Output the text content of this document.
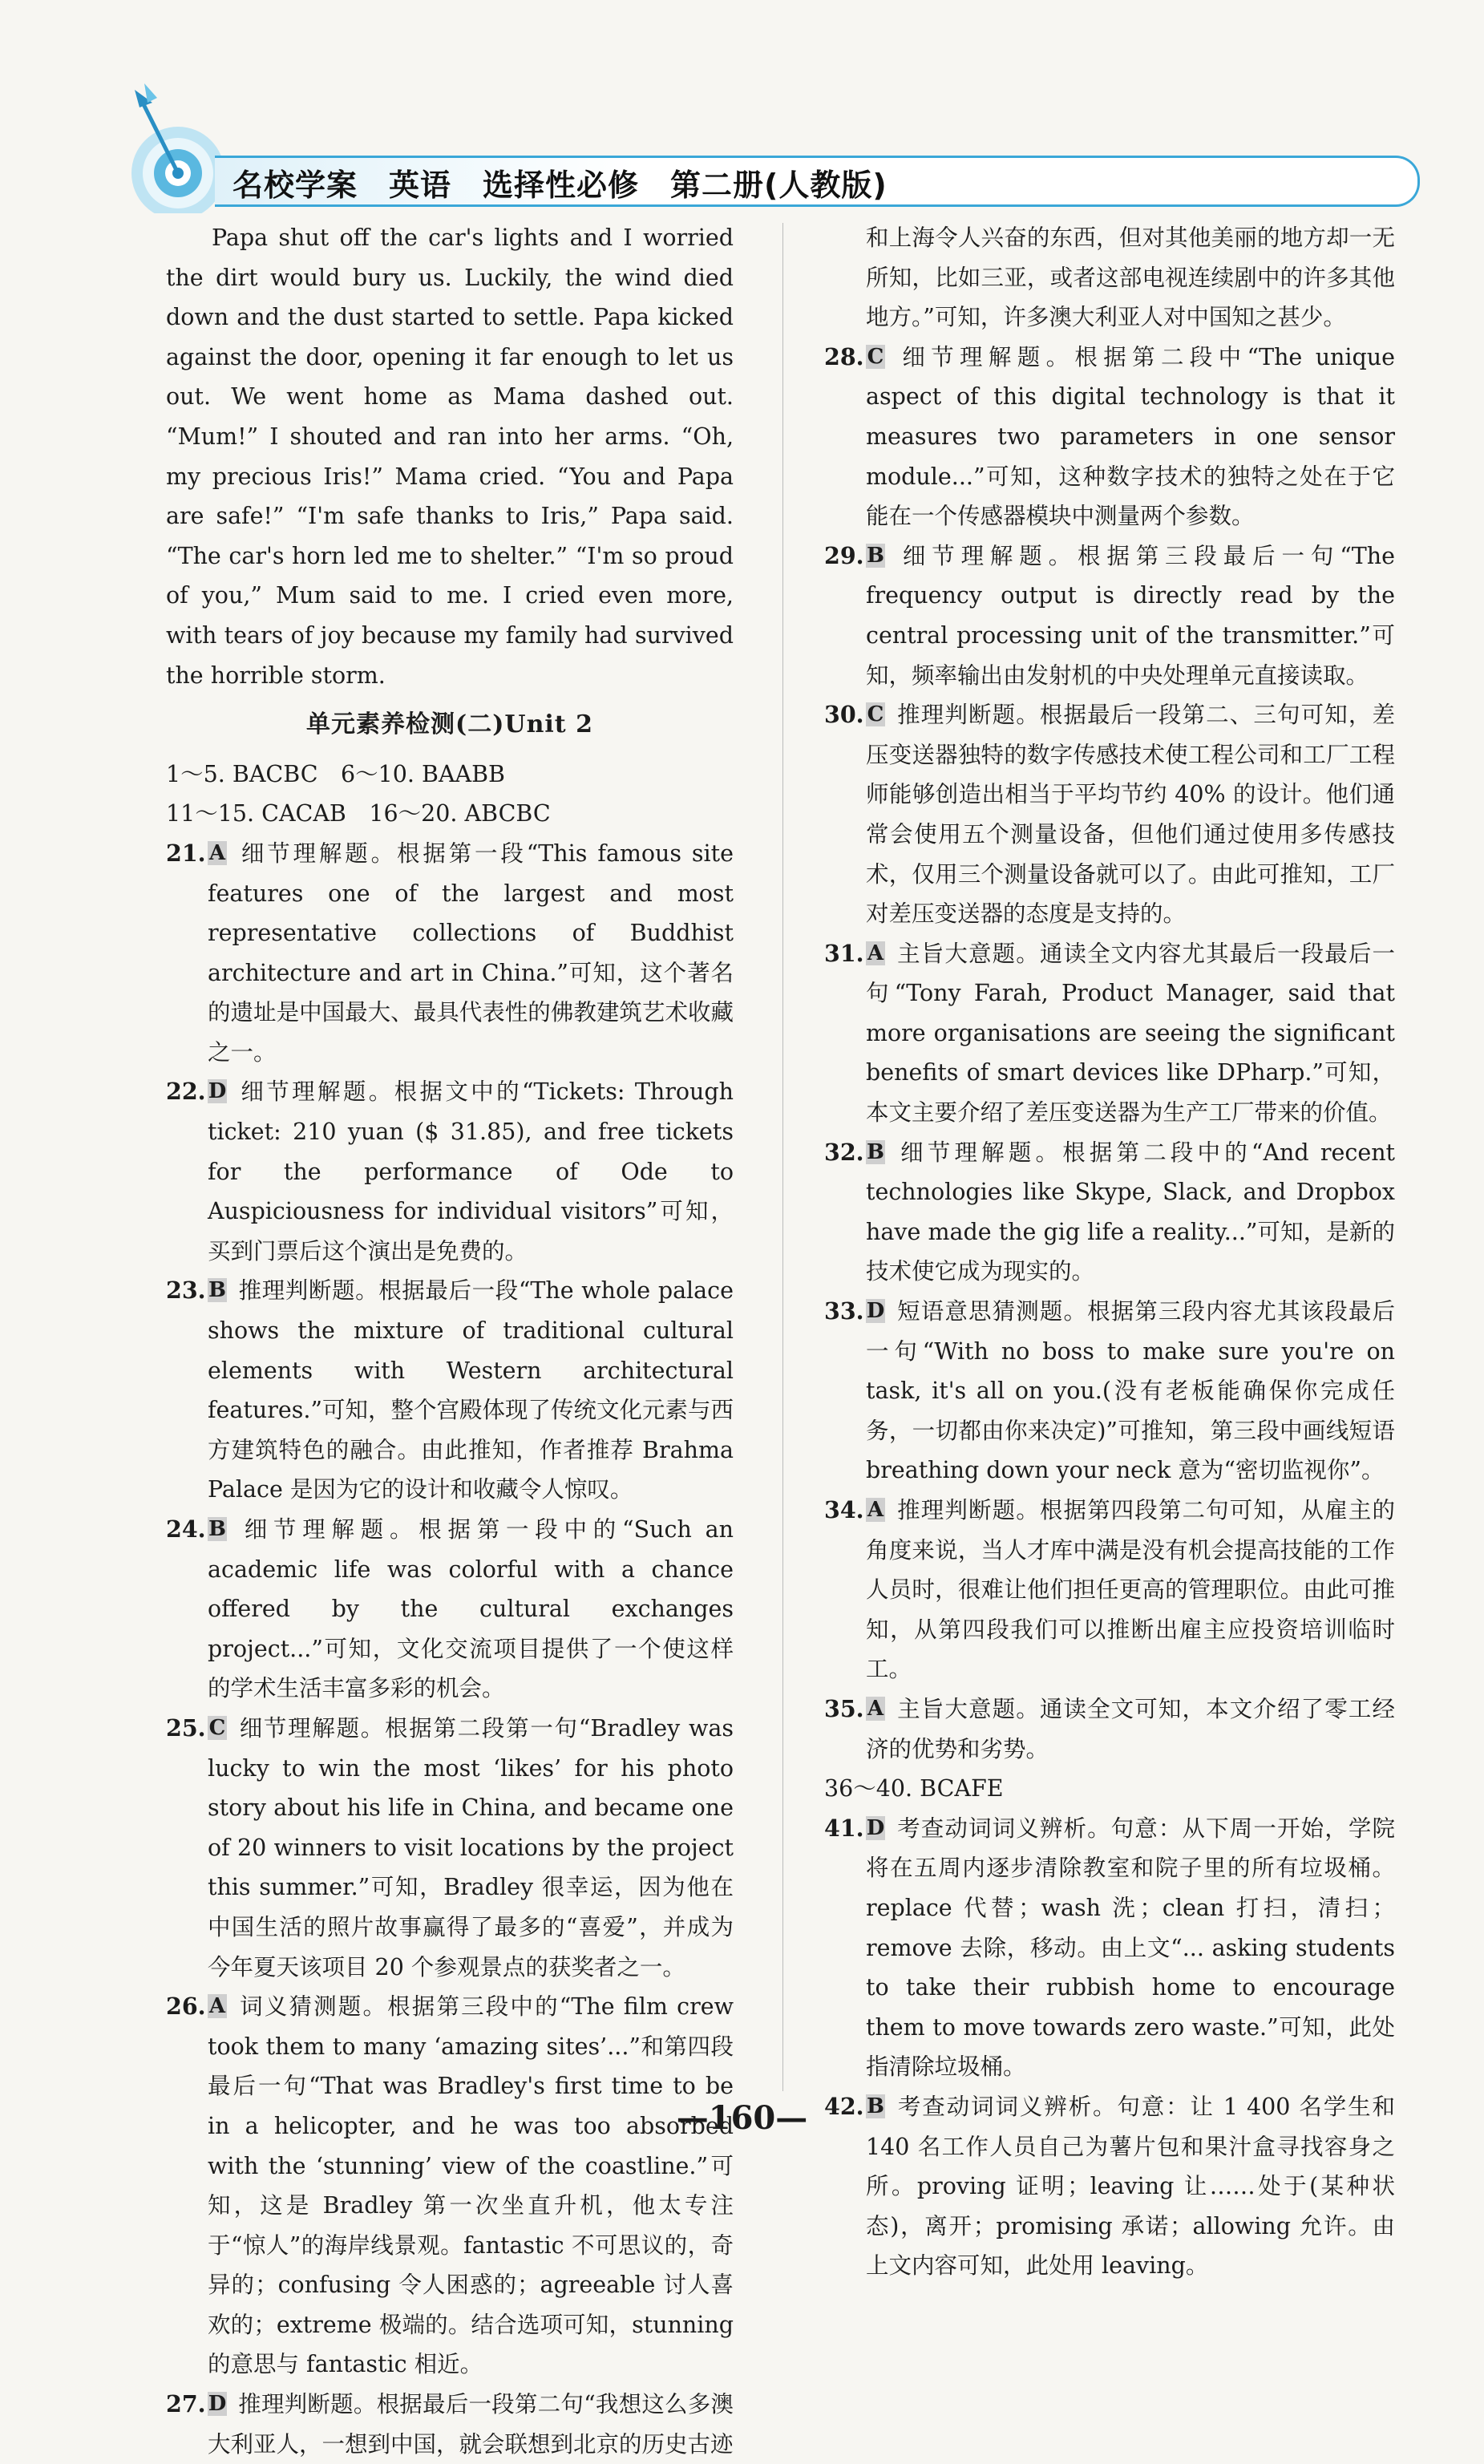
名校学案　英语　选择性必修　第二册(人教版)

Papa shut off the car's lights and I worried the dirt would bury us. Luckily, the wind died down and the dust started to settle. Papa kicked against the door, opening it far enough to let us out. We went home as Mama dashed out. “Mum!” I shouted and ran into her arms. “Oh, my precious Iris!” Mama cried. “You and Papa are safe!” “I'm safe thanks to Iris,” Papa said. “The car's horn led me to shelter.” “I'm so proud of you,” Mum said to me. I cried even more, with tears of joy because my family had survived the horrible storm.

单元素养检测(二)Unit 2

1～5. BACBC　6～10. BAABB

11～15. CACAB　16～20. ABCBC

21. A 细节理解题。根据第一段“This famous site features one of the largest and most representative collections of Buddhist architecture and art in China.”可知，这个著名的遗址是中国最大、最具代表性的佛教建筑艺术收藏之一。
22. D 细节理解题。根据文中的“Tickets: Through ticket: 210 yuan ($ 31.85), and free tickets for the performance of Ode to Auspiciousness for individual visitors”可知，买到门票后这个演出是免费的。
23. B 推理判断题。根据最后一段“The whole palace shows the mixture of traditional cultural elements with Western architectural features.”可知，整个宫殿体现了传统文化元素与西方建筑特色的融合。由此推知，作者推荐 Brahma Palace 是因为它的设计和收藏令人惊叹。
24. B 细节理解题。根据第一段中的“Such an academic life was colorful with a chance offered by the cultural exchanges project...”可知，文化交流项目提供了一个使这样的学术生活丰富多彩的机会。
25. C 细节理解题。根据第二段第一句“Bradley was lucky to win the most ‘likes’ for his photo story about his life in China, and became one of 20 winners to visit locations by the project this summer.”可知，Bradley 很幸运，因为他在中国生活的照片故事赢得了最多的“喜爱”，并成为今年夏天该项目 20 个参观景点的获奖者之一。
26. A 词义猜测题。根据第三段中的“The film crew took them to many ‘amazing sites’...”和第四段最后一句“That was Bradley's first time to be in a helicopter, and he was too absorbed with the ‘stunning’ view of the coastline.”可知，这是 Bradley 第一次坐直升机，他太专注于“惊人”的海岸线景观。fantastic 不可思议的，奇异的；confusing 令人困惑的；agreeable 讨人喜欢的；extreme 极端的。结合选项可知，stunning 的意思与 fantastic 相近。
27. D 推理判断题。根据最后一段第二句“我想这么多澳大利亚人，一想到中国，就会联想到北京的历史古迹
和上海令人兴奋的东西，但对其他美丽的地方却一无所知，比如三亚，或者这部电视连续剧中的许多其他地方。”可知，许多澳大利亚人对中国知之甚少。
28. C 细节理解题。根据第二段中“The unique aspect of this digital technology is that it measures two parameters in one sensor module...”可知，这种数字技术的独特之处在于它能在一个传感器模块中测量两个参数。
29. B 细节理解题。根据第三段最后一句“The frequency output is directly read by the central processing unit of the transmitter.”可知，频率输出由发射机的中央处理单元直接读取。
30. C 推理判断题。根据最后一段第二、三句可知，差压变送器独特的数字传感技术使工程公司和工厂工程师能够创造出相当于平均节约 40% 的设计。他们通常会使用五个测量设备，但他们通过使用多传感技术，仅用三个测量设备就可以了。由此可推知，工厂对差压变送器的态度是支持的。
31. A 主旨大意题。通读全文内容尤其最后一段最后一句“Tony Farah, Product Manager, said that more organisations are seeing the significant benefits of smart devices like DPharp.”可知，本文主要介绍了差压变送器为生产工厂带来的价值。
32. B 细节理解题。根据第二段中的“And recent technologies like Skype, Slack, and Dropbox have made the gig life a reality...”可知，是新的技术使它成为现实的。
33. D 短语意思猜测题。根据第三段内容尤其该段最后一句“With no boss to make sure you're on task, it's all on you.(没有老板能确保你完成任务，一切都由你来决定)”可推知，第三段中画线短语 breathing down your neck 意为“密切监视你”。
34. A 推理判断题。根据第四段第二句可知，从雇主的角度来说，当人才库中满是没有机会提高技能的工作人员时，很难让他们担任更高的管理职位。由此可推知，从第四段我们可以推断出雇主应投资培训临时工。
35. A 主旨大意题。通读全文可知，本文介绍了零工经济的优势和劣势。

36～40. BCAFE

41. D 考查动词词义辨析。句意：从下周一开始，学院将在五周内逐步清除教室和院子里的所有垃圾桶。replace 代替；wash 洗；clean 打扫，清扫；remove 去除，移动。由上文“... asking students to take their rubbish home to encourage them to move towards zero waste.”可知，此处指清除垃圾桶。
42. B 考查动词词义辨析。句意：让 1 400 名学生和 140 名工作人员自己为薯片包和果汁盒寻找容身之所。proving 证明；leaving 让……处于(某种状态)，离开；promising 承诺；allowing 允许。由上文内容可知，此处用 leaving。
—160—
